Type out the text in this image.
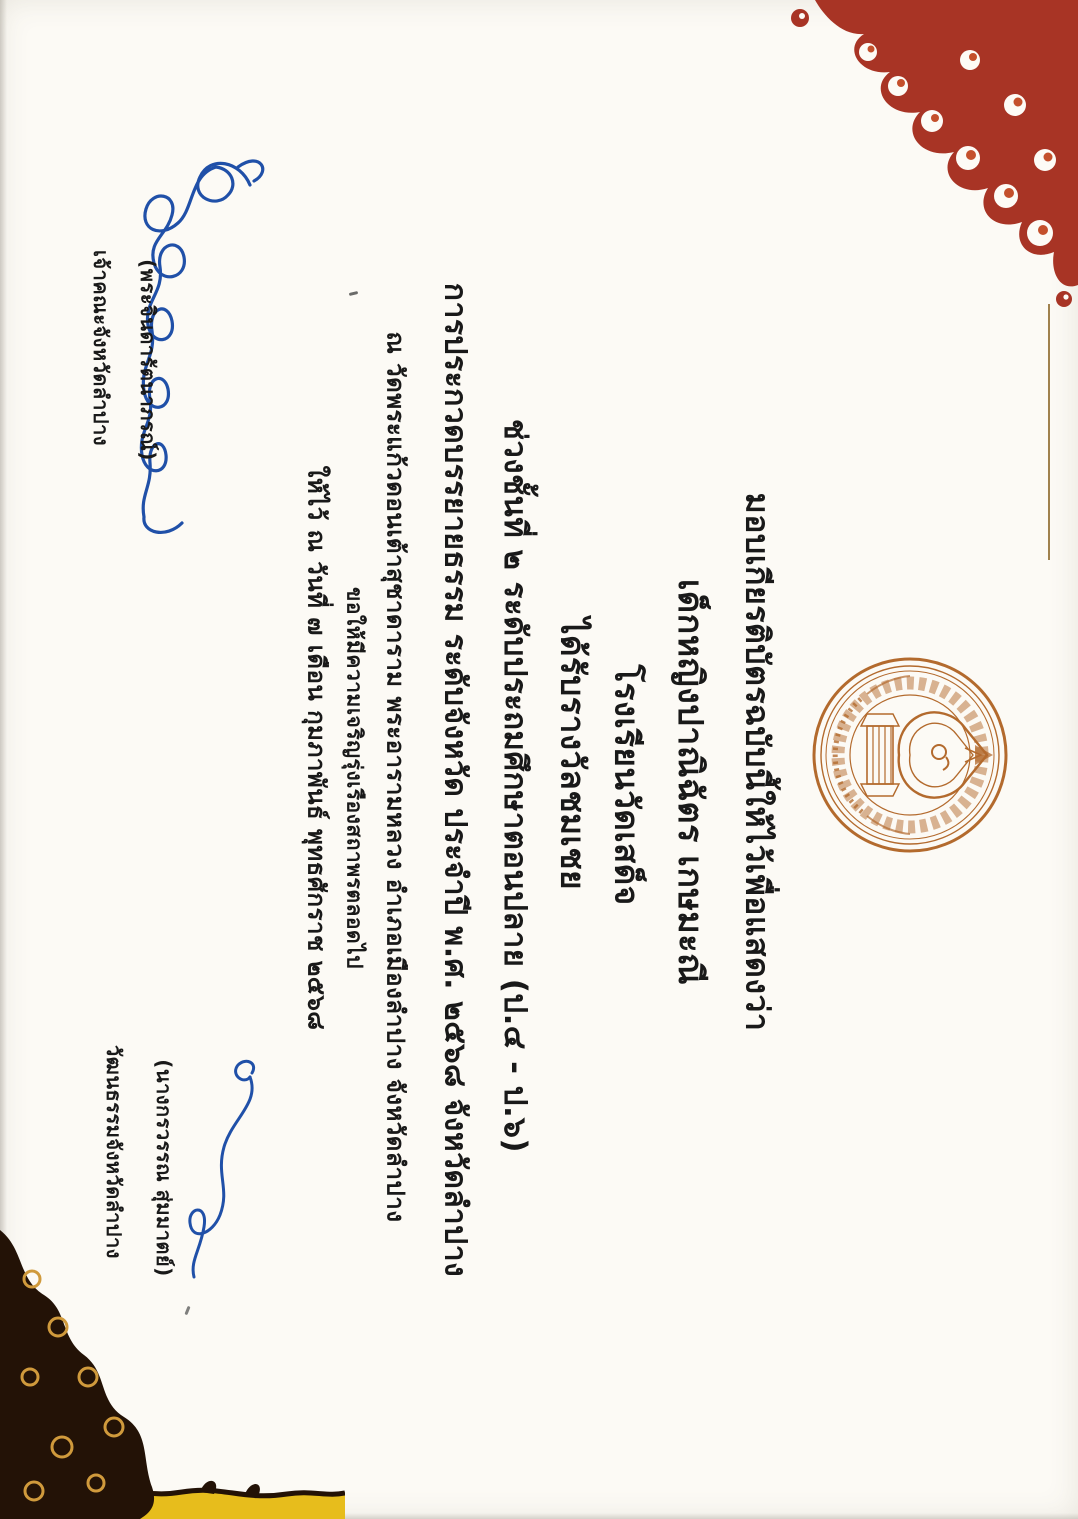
มอบเกียรติบัตรฉบับนี้ให้ไว้เพื่อแสดงว่า
เด็กหญิงปาณิฉัตร เกษมะณี
โรงเรียนวัดเสด็จ
ได้รับรางวัลชมเชย
ช่วงชั้นที่ ๒ ระดับประถมศึกษาตอนปลาย (ป.๔ - ป.๖)
การประกวดบรรยายธรรม ระดับจังหวัด ประจำปี พ.ศ. ๒๕๖๘ จังหวัดลำปาง
ณ วัดพระแก้วดอนเต้าสุชาดาราม พระอารามหลวง อำเภอเมืองลำปาง จังหวัดลำปาง
ขอให้มีความเจริญรุ่งเรืองสถาพรตลอดไป
ให้ไว้ ณ วันที่ ๗ เดือน กุมภาพันธ์ พุทธศักราช ๒๕๖๘
(พระจินดารัตนาภรณ์)
เจ้าคณะจังหวัดลำปาง
(นางกรวรรณ สุ่มมาตย์)
วัฒนธรรมจังหวัดลำปาง
